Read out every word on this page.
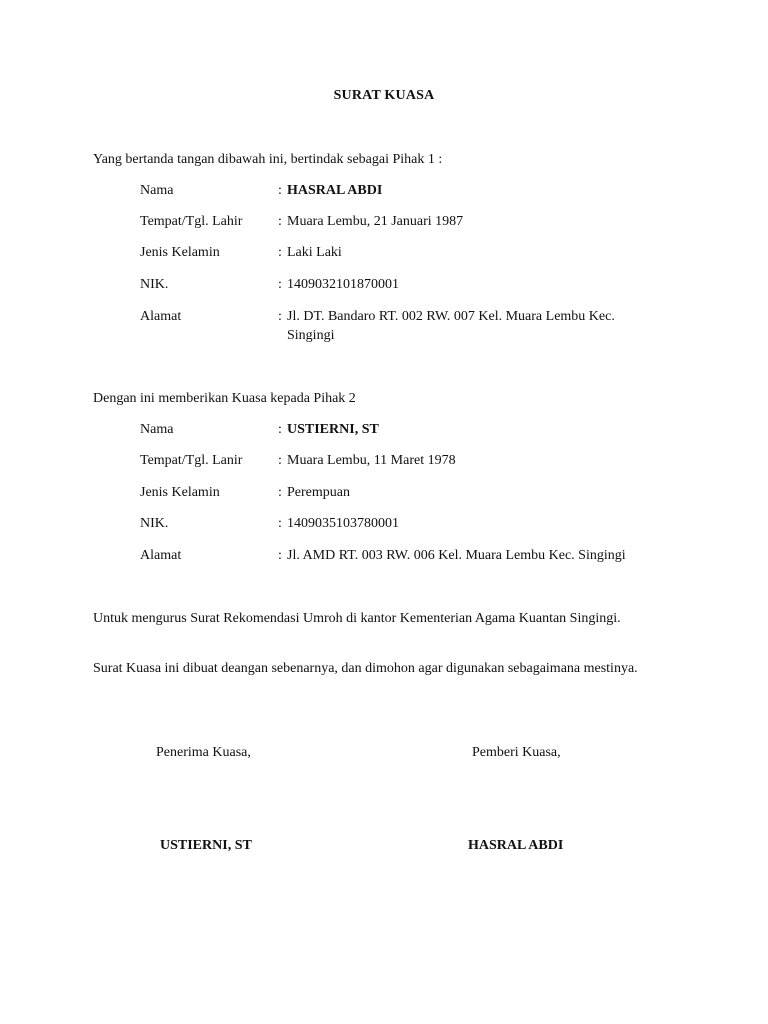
SURAT KUASA
Yang bertanda tangan dibawah ini, bertindak sebagai Pihak 1 :
Nama	: HASRAL ABDI
Tempat/Tgl. Lahir	: Muara Lembu, 21 Januari 1987
Jenis Kelamin	: Laki Laki
NIK.	: 1409032101870001
Alamat	: Jl. DT. Bandaro RT. 002 RW. 007 Kel. Muara Lembu Kec.
Singingi
Dengan ini memberikan Kuasa kepada Pihak 2
Nama	: USTIERNI, ST
Tempat/Tgl. Lanir	: Muara Lembu, 11 Maret 1978
Jenis Kelamin	: Perempuan
NIK.	: 1409035103780001
Alamat	: Jl. AMD RT. 003 RW. 006 Kel. Muara Lembu Kec. Singingi
Untuk mengurus Surat Rekomendasi Umroh di kantor Kementerian Agama Kuantan Singingi.
Surat Kuasa ini dibuat deangan sebenarnya, dan dimohon agar digunakan sebagaimana mestinya.
Penerima Kuasa,	Pemberi Kuasa,
USTIERNI, ST	HASRAL ABDI
